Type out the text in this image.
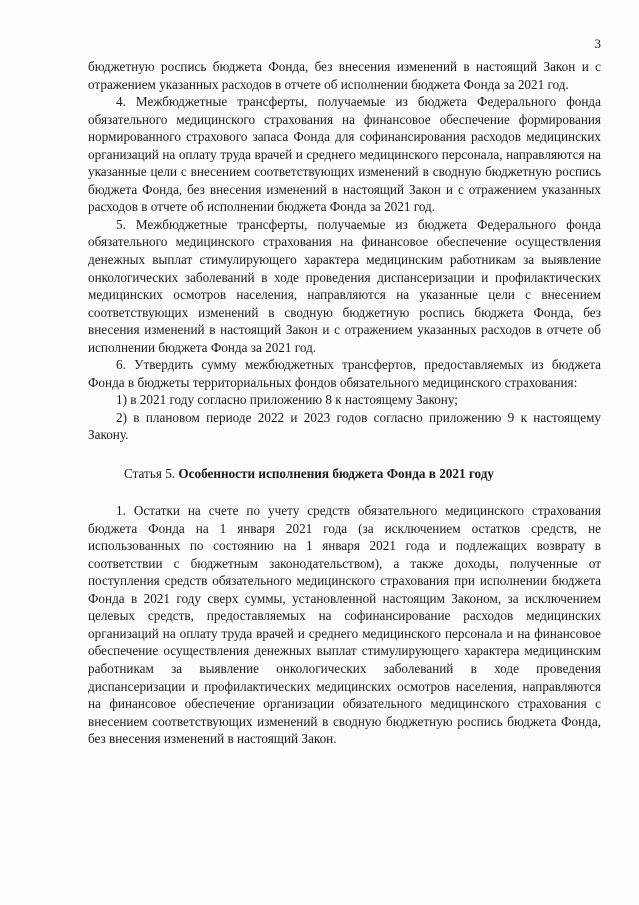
3

бюджетную роспись бюджета Фонда, без внесения изменений в настоящий Закон и с отражением указанных расходов в отчете об исполнении бюджета Фонда за 2021 год.

4. Межбюджетные трансферты, получаемые из бюджета Федерального фонда обязательного медицинского страхования на финансовое обеспечение формирования нормированного страхового запаса Фонда для софинансирования расходов медицинских организаций на оплату труда врачей и среднего медицинского персонала, направляются на указанные цели с внесением соответствующих изменений в сводную бюджетную роспись бюджета Фонда, без внесения изменений в настоящий Закон и с отражением указанных расходов в отчете об исполнении бюджета Фонда за 2021 год.

5. Межбюджетные трансферты, получаемые из бюджета Федерального фонда обязательного медицинского страхования на финансовое обеспечение осуществления денежных выплат стимулирующего характера медицинским работникам за выявление онкологических заболеваний в ходе проведения диспансеризации и профилактических медицинских осмотров населения, направляются на указанные цели с внесением соответствующих изменений в сводную бюджетную роспись бюджета Фонда, без внесения изменений в настоящий Закон и с отражением указанных расходов в отчете об исполнении бюджета Фонда за 2021 год.

6. Утвердить сумму межбюджетных трансфертов, предоставляемых из бюджета Фонда в бюджеты территориальных фондов обязательного медицинского страхования:

1) в 2021 году согласно приложению 8 к настоящему Закону;

2) в плановом периоде 2022 и 2023 годов согласно приложению 9 к настоящему Закону.

Статья 5. Особенности исполнения бюджета Фонда в 2021 году

1. Остатки на счете по учету средств обязательного медицинского страхования бюджета Фонда на 1 января 2021 года (за исключением остатков средств, не использованных по состоянию на 1 января 2021 года и подлежащих возврату в соответствии с бюджетным законодательством), а также доходы, полученные от поступления средств обязательного медицинского страхования при исполнении бюджета Фонда в 2021 году сверх суммы, установленной настоящим Законом, за исключением целевых средств, предоставляемых на софинансирование расходов медицинских организаций на оплату труда врачей и среднего медицинского персонала и на финансовое обеспечение осуществления денежных выплат стимулирующего характера медицинским работникам за выявление онкологических заболеваний в ходе проведения диспансеризации и профилактических медицинских осмотров населения, направляются на финансовое обеспечение организации обязательного медицинского страхования с внесением соответствующих изменений в сводную бюджетную роспись бюджета Фонда, без внесения изменений в настоящий Закон.
